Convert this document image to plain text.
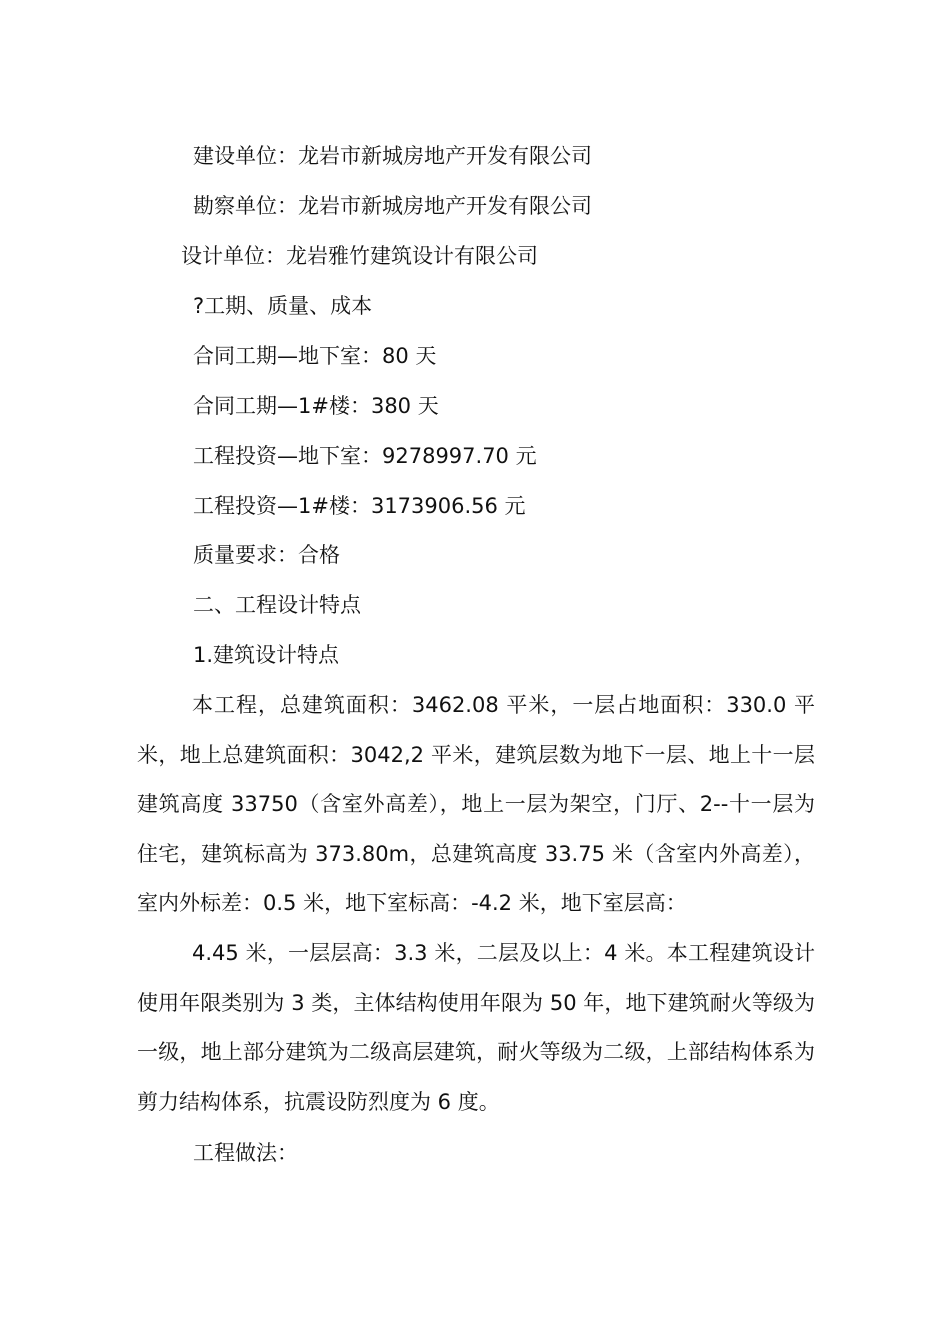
建设单位：龙岩市新城房地产开发有限公司
勘察单位：龙岩市新城房地产开发有限公司
设计单位：龙岩雅竹建筑设计有限公司
?工期、质量、成本
合同工期—地下室：80 天
合同工期—1#楼：380 天
工程投资—地下室：9278997.70 元
工程投资—1#楼：3173906.56 元
质量要求：合格
二、工程设计特点
1.建筑设计特点
本工程，总建筑面积：3462.08 平米，一层占地面积：330.0 平米，地上总建筑面积：3042,2 平米，建筑层数为地下一层、地上十一层建筑高度 33750（含室外高差），地上一层为架空，门厅、2--十一层为住宅，建筑标高为 373.80m，总建筑高度 33.75 米（含室内外高差），室内外标差：0.5 米，地下室标高：-4.2 米，地下室层高：
4.45 米，一层层高：3.3 米，二层及以上：4 米。本工程建筑设计使用年限类别为 3 类，主体结构使用年限为 50 年，地下建筑耐火等级为一级，地上部分建筑为二级高层建筑，耐火等级为二级，上部结构体系为剪力结构体系，抗震设防烈度为 6 度。
工程做法：
